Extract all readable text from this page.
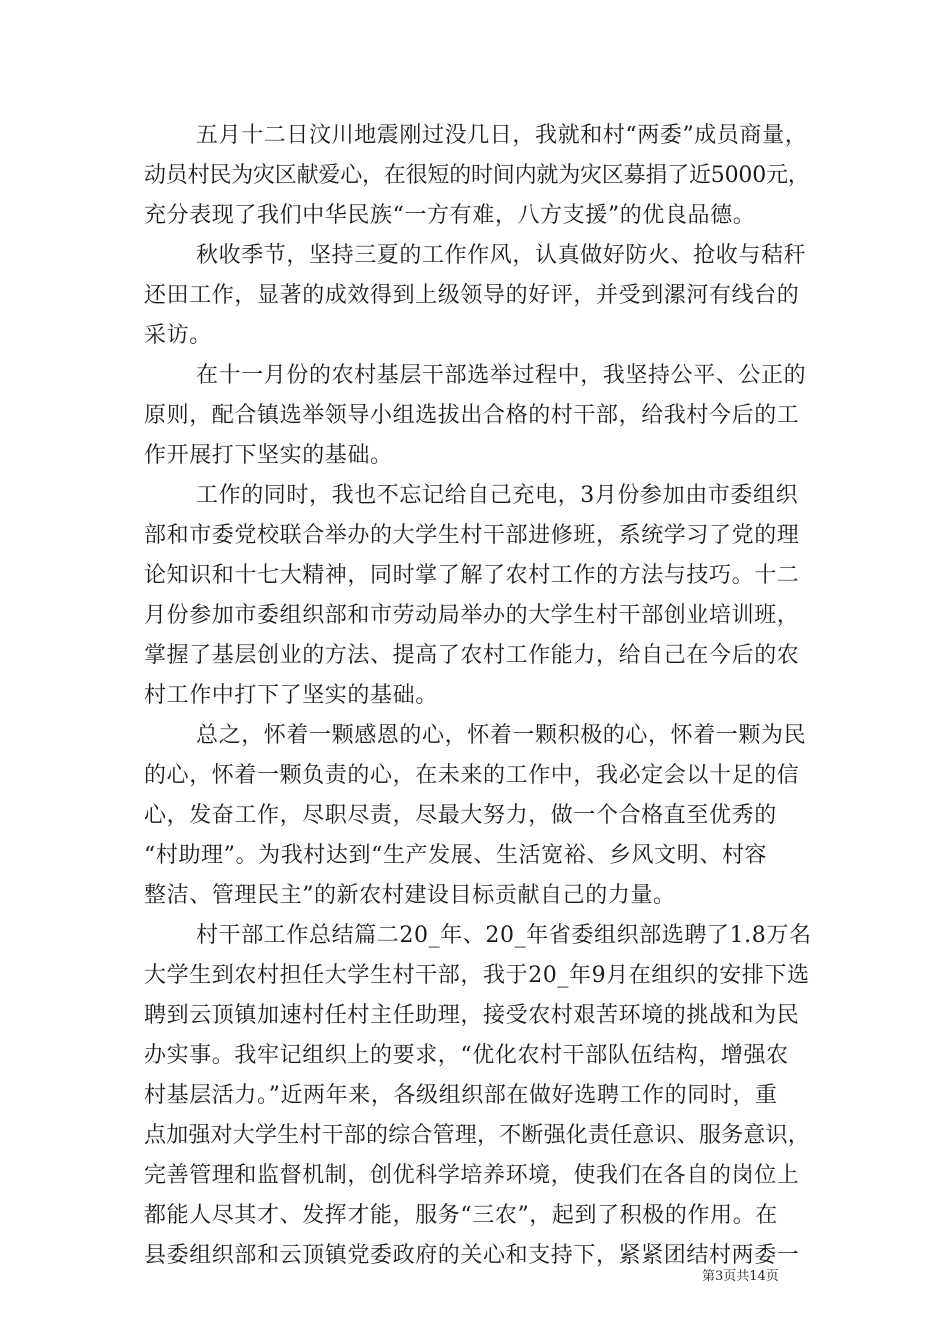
五月十二日汶川地震刚过没几日，我就和村“两委”成员商量，
动员村民为灾区献爱心，在很短的时间内就为灾区募捐了近5000元，
充分表现了我们中华民族“一方有难，八方支援”的优良品德。
秋收季节，坚持三夏的工作作风，认真做好防火、抢收与秸秆
还田工作，显著的成效得到上级领导的好评，并受到漯河有线台的
采访。
在十一月份的农村基层干部选举过程中，我坚持公平、公正的
原则，配合镇选举领导小组选拔出合格的村干部，给我村今后的工
作开展打下坚实的基础。
工作的同时，我也不忘记给自己充电，3月份参加由市委组织
部和市委党校联合举办的大学生村干部进修班，系统学习了党的理
论知识和十七大精神，同时掌了解了农村工作的方法与技巧。十二
月份参加市委组织部和市劳动局举办的大学生村干部创业培训班，
掌握了基层创业的方法、提高了农村工作能力，给自己在今后的农
村工作中打下了坚实的基础。
总之，怀着一颗感恩的心，怀着一颗积极的心，怀着一颗为民
的心，怀着一颗负责的心，在未来的工作中，我必定会以十足的信
心，发奋工作，尽职尽责，尽最大努力，做一个合格直至优秀的
“村助理”。为我村达到“生产发展、生活宽裕、乡风文明、村容
整洁、管理民主”的新农村建设目标贡献自己的力量。
村干部工作总结篇二20_年、20_年省委组织部选聘了1.8万名
大学生到农村担任大学生村干部，我于20_年9月在组织的安排下选
聘到云顶镇加速村任村主任助理，接受农村艰苦环境的挑战和为民
办实事。我牢记组织上的要求，“优化农村干部队伍结构，增强农
村基层活力。”近两年来，各级组织部在做好选聘工作的同时，重
点加强对大学生村干部的综合管理，不断强化责任意识、服务意识，
完善管理和监督机制，创优科学培养环境，使我们在各自的岗位上
都能人尽其才、发挥才能，服务“三农”，起到了积极的作用。在
县委组织部和云顶镇党委政府的关心和支持下，紧紧团结村两委一
第3页共14页
